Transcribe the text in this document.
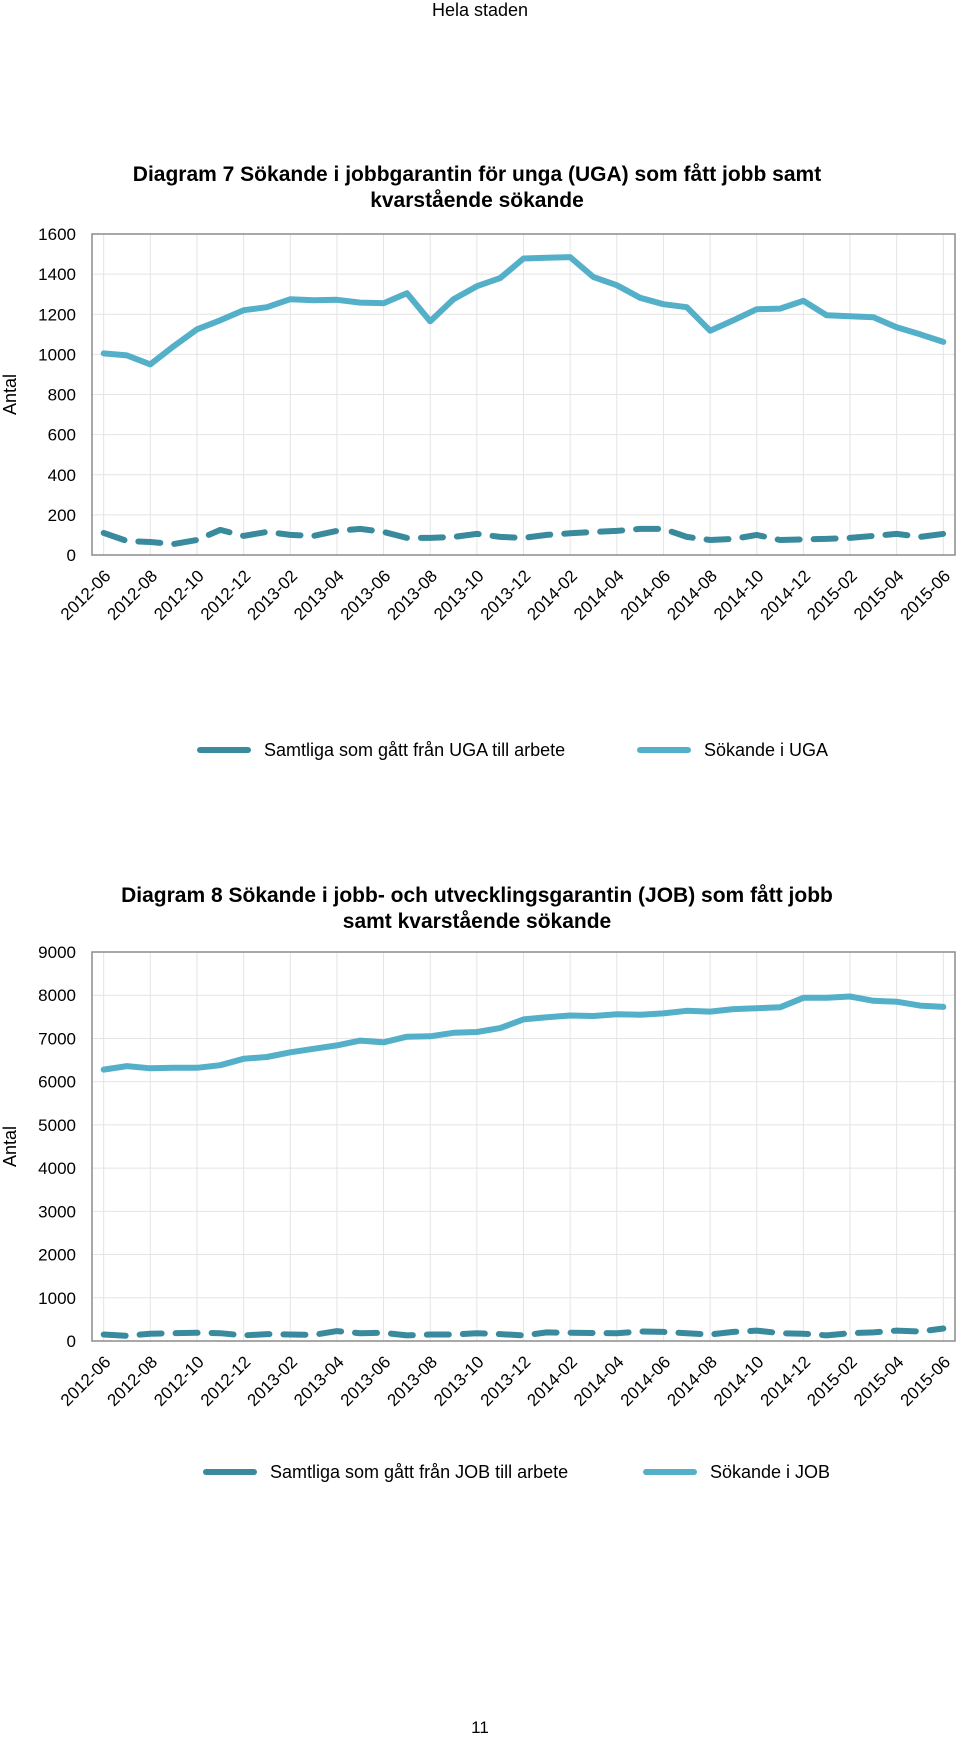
Hela staden
Diagram 7 Sökande i jobbgarantin för unga (UGA) som fått jobb samt
kvarstående sökande
0
200
400
600
800
1000
1200
1400
1600
2012-06
2012-08
2012-10
2012-12
2013-02
2013-04
2013-06
2013-08
2013-10
2013-12
2014-02
2014-04
2014-06
2014-08
2014-10
2014-12
2015-02
2015-04
2015-06
Antal
Samtliga som gått från UGA till arbete	Sökande i UGA
Diagram 8 Sökande i jobb- och utvecklingsgarantin (JOB) som fått jobb
samt kvarstående sökande
0
1000
2000
3000
4000
5000
6000
7000
8000
9000
2012-06
2012-08
2012-10
2012-12
2013-02
2013-04
2013-06
2013-08
2013-10
2013-12
2014-02
2014-04
2014-06
2014-08
2014-10
2014-12
2015-02
2015-04
2015-06
Antal
Samtliga som gått från JOB till arbete	Sökande i JOB
11
